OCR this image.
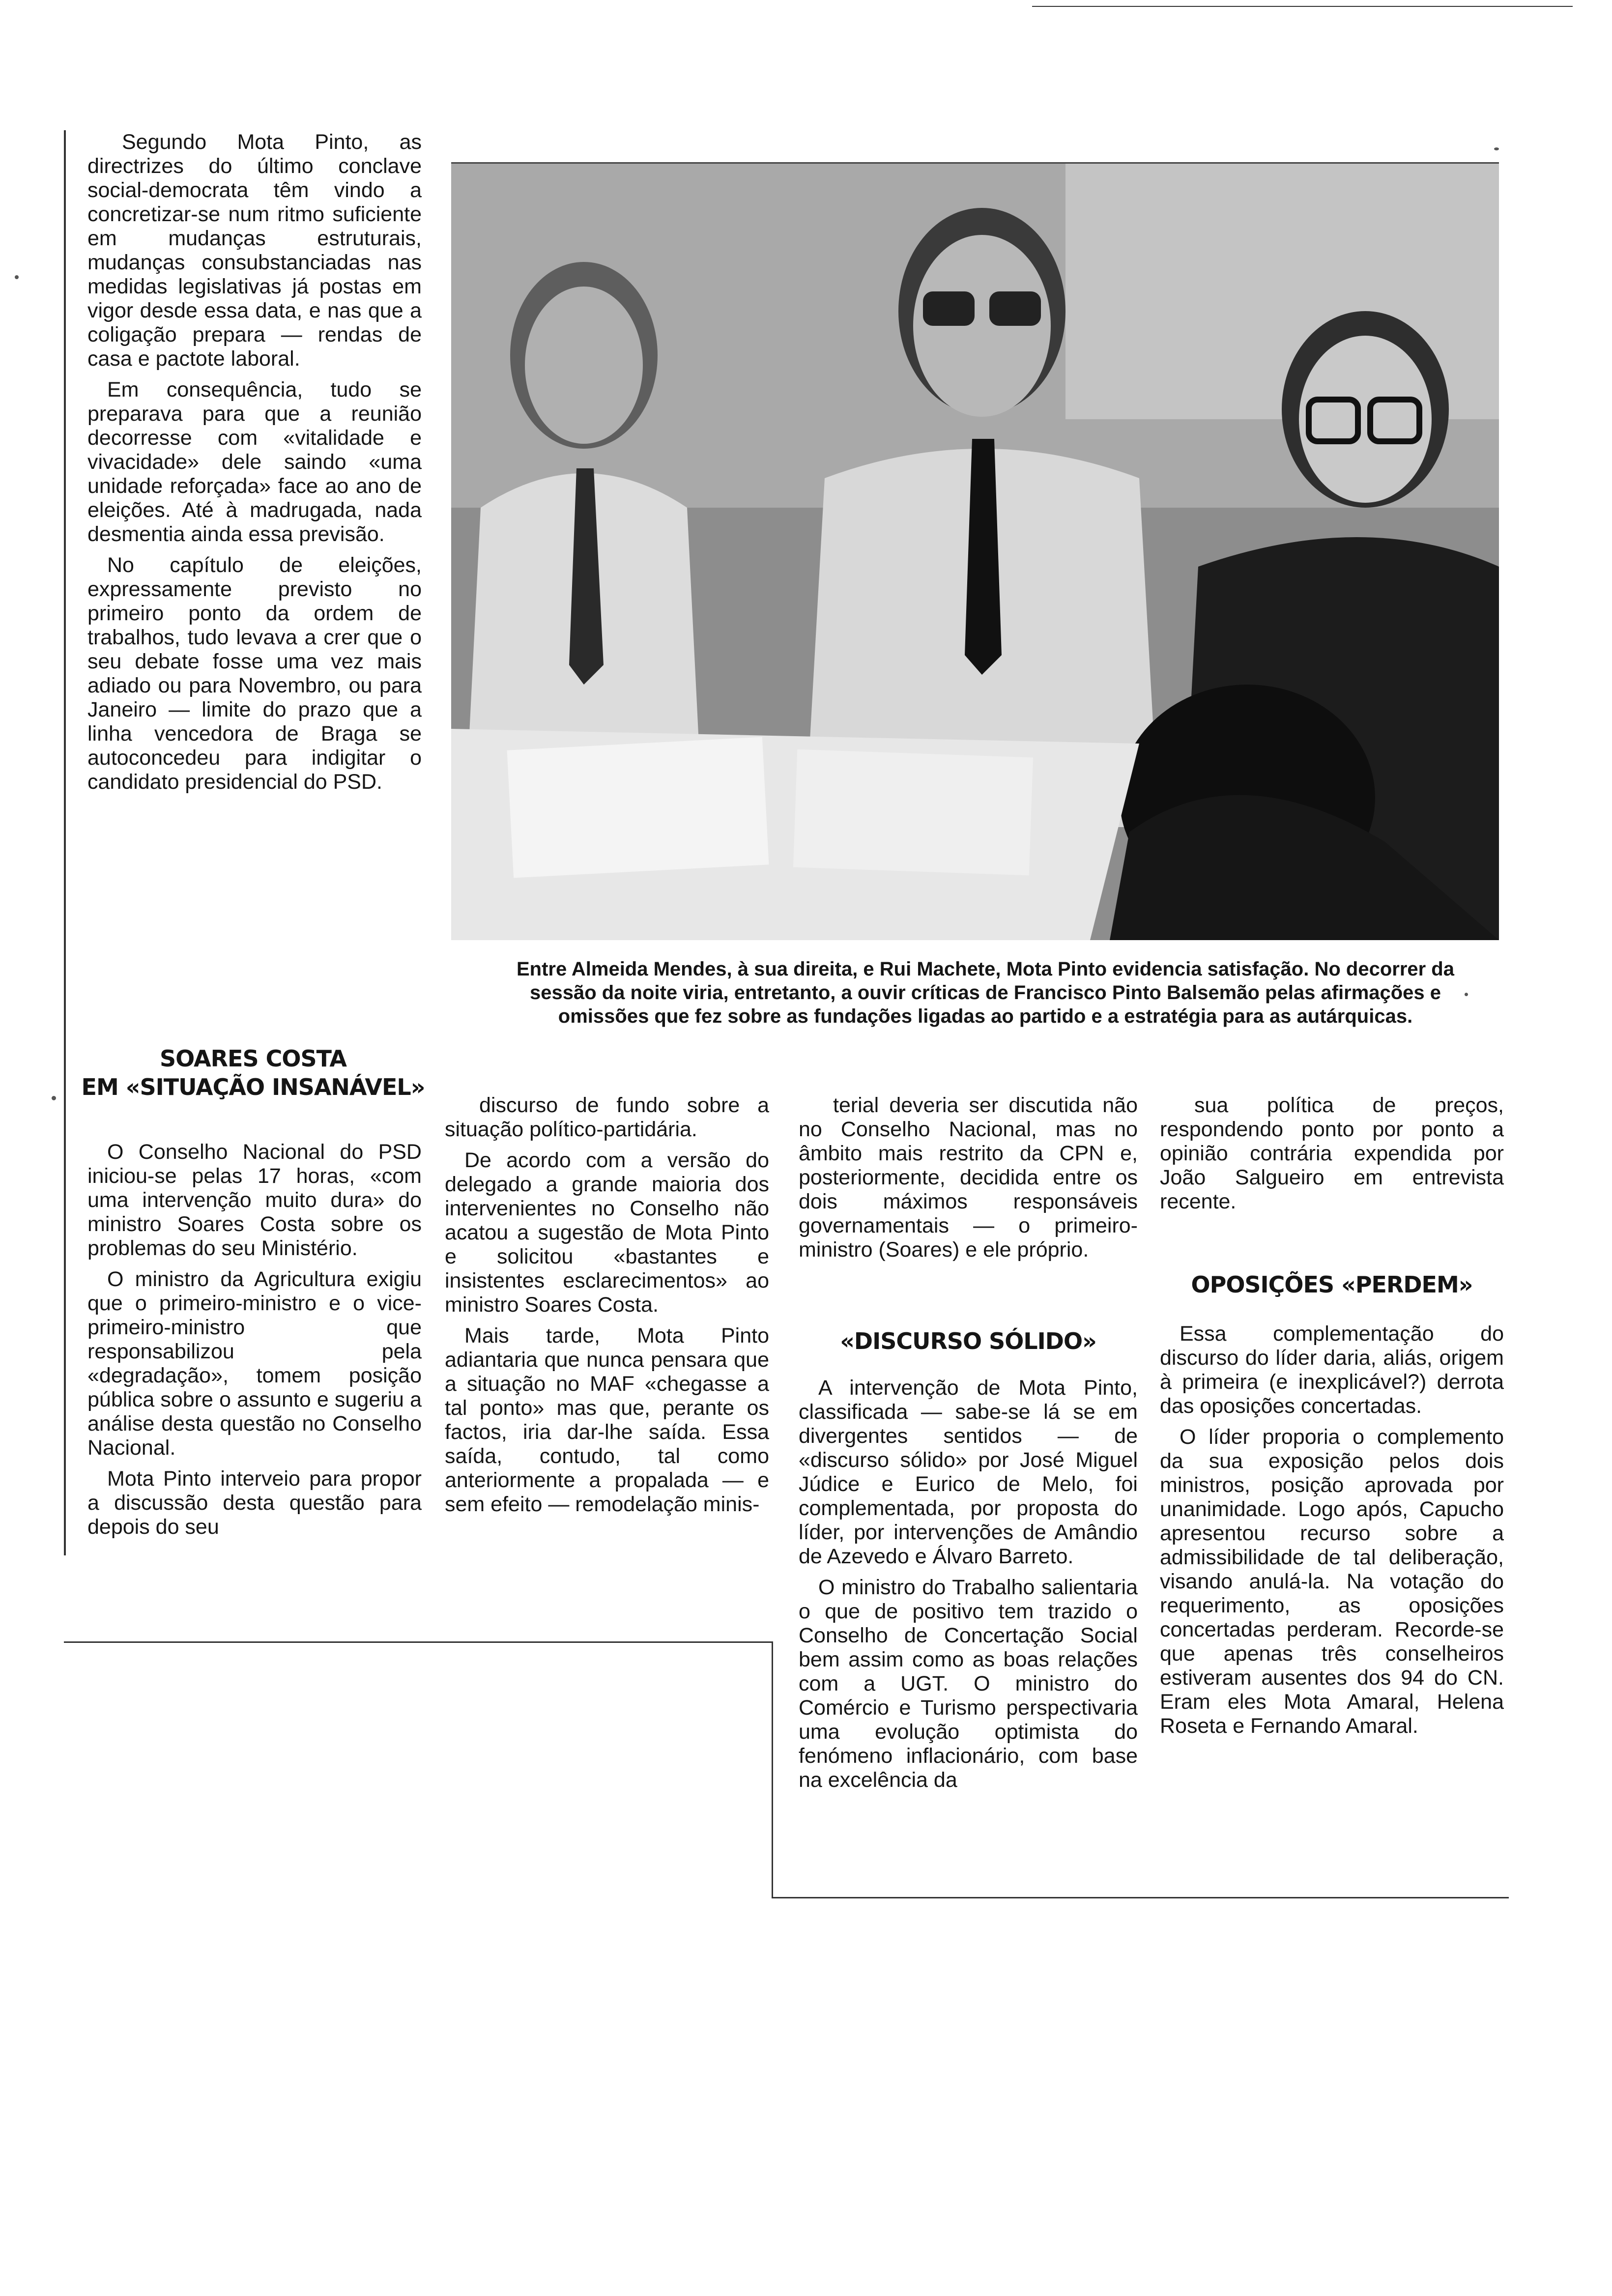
Entre Almeida Mendes, à sua direita, e Rui Machete, Mota Pinto evidencia satisfação. No decorrer da sessão da noite viria, entretanto, a ouvir críticas de Francisco Pinto Balsemão pelas afirmações e omissões que fez sobre as fundações ligadas ao partido e a estratégia para as autárquicas.

Segundo Mota Pinto, as directrizes do último conclave social-democrata têm vindo a concretizar-se num ritmo suficiente em mudanças estruturais, mudanças consubstanciadas nas medidas legislativas já postas em vigor desde essa data, e nas que a coligação prepara — rendas de casa e pactote laboral.

Em consequência, tudo se preparava para que a reunião decorresse com «vitalidade e vivacidade» dele saindo «uma unidade reforçada» face ao ano de eleições. Até à madrugada, nada desmentia ainda essa previsão.

No capítulo de eleições, expressamente previsto no primeiro ponto da ordem de trabalhos, tudo levava a crer que o seu debate fosse uma vez mais adiado ou para Novembro, ou para Janeiro — limite do prazo que a linha vencedora de Braga se autoconcedeu para indigitar o candidato presidencial do PSD.

SOARES COSTA
EM «SITUAÇÃO INSANÁVEL»

O Conselho Nacional do PSD iniciou-se pelas 17 horas, «com uma intervenção muito dura» do ministro Soares Costa sobre os problemas do seu Ministério.

O ministro da Agricultura exigiu que o primeiro-ministro e o vice-primeiro-ministro que responsabilizou pela «degradação», tomem posição pública sobre o assunto e sugeriu a análise desta questão no Conselho Nacional.

Mota Pinto interveio para propor a discussão desta questão para depois do seu

discurso de fundo sobre a situação político-partidária.

De acordo com a versão do delegado a grande maioria dos intervenientes no Conselho não acatou a sugestão de Mota Pinto e solicitou «bastantes e insistentes esclarecimentos» ao ministro Soares Costa.

Mais tarde, Mota Pinto adiantaria que nunca pensara que a situação no MAF «chegasse a tal ponto» mas que, perante os factos, iria dar-lhe saída. Essa saída, contudo, tal como anteriormente a propalada — e sem efeito — remodelação minis-

terial deveria ser discutida não no Conselho Nacional, mas no âmbito mais restrito da CPN e, posteriormente, decidida entre os dois máximos responsáveis governamentais — o primeiro-ministro (Soares) e ele próprio.

«DISCURSO SÓLIDO»

A intervenção de Mota Pinto, classificada — sabe-se lá se em divergentes sentidos — de «discurso sólido» por José Miguel Júdice e Eurico de Melo, foi complementada, por proposta do líder, por intervenções de Amândio de Azevedo e Álvaro Barreto.

O ministro do Trabalho salientaria o que de positivo tem trazido o Conselho de Concertação Social bem assim como as boas relações com a UGT. O ministro do Comércio e Turismo perspectivaria uma evolução optimista do fenómeno inflacionário, com base na excelência da

sua política de preços, respondendo ponto por ponto a opinião contrária expendida por João Salgueiro em entrevista recente.

OPOSIÇÕES «PERDEM»

Essa complementação do discurso do líder daria, aliás, origem à primeira (e inexplicável?) derrota das oposições concertadas.

O líder proporia o complemento da sua exposição pelos dois ministros, posição aprovada por unanimidade. Logo após, Capucho apresentou recurso sobre a admissibilidade de tal deliberação, visando anulá-la. Na votação do requerimento, as oposições concertadas perderam. Recorde-se que apenas três conselheiros estiveram ausentes dos 94 do CN. Eram eles Mota Amaral, Helena Roseta e Fernando Amaral.
